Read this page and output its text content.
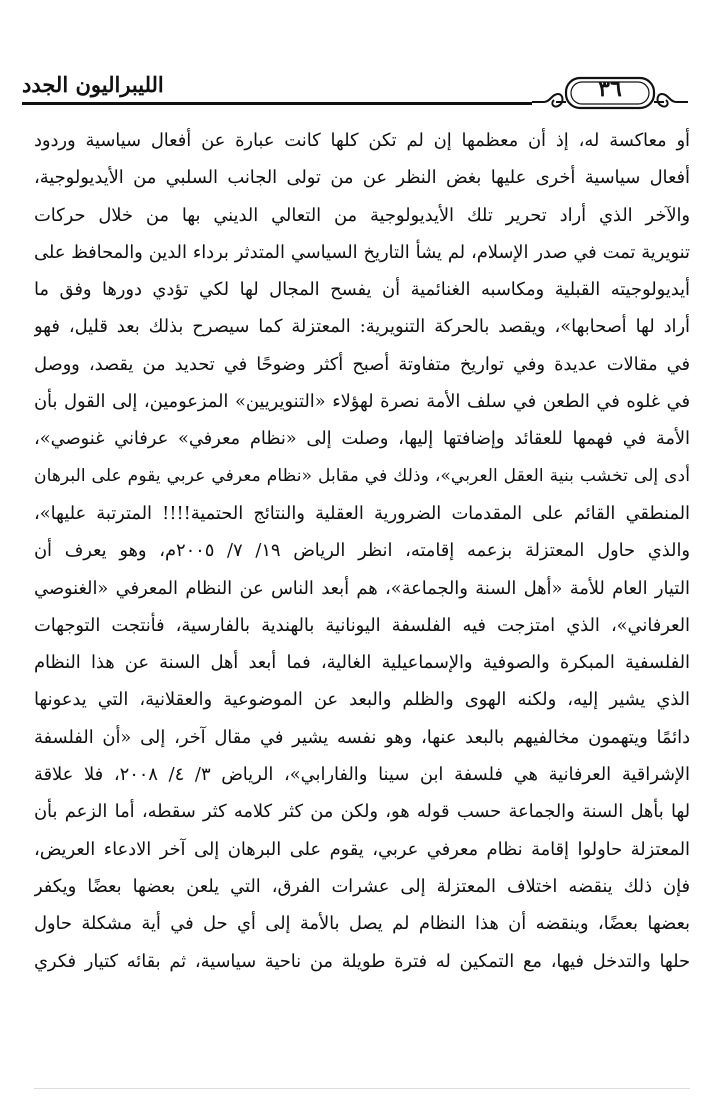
الليبراليون الجدد	٣٦
أو معاكسة له، إذ أن معظمها إن لم تكن كلها كانت عبارة عن أفعال سياسية وردود
أفعال سياسية أخرى عليها بغض النظر عن من تولى الجانب السلبي من الأيديولوجية،
والآخر الذي أراد تحرير تلك الأيديولوجية من التعالي الديني بها من خلال حركات
تنويرية تمت في صدر الإسلام، لم يشأ التاريخ السياسي المتدثر برداء الدين والمحافظ على
أيديولوجيته القبلية ومكاسبه الغنائمية أن يفسح المجال لها لكي تؤدي دورها وفق ما
أراد لها أصحابها»، ويقصد بالحركة التنويرية: المعتزلة كما سيصرح بذلك بعد قليل، فهو
في مقالات عديدة وفي تواريخ متفاوتة أصبح أكثر وضوحًا في تحديد من يقصد، ووصل
في غلوه في الطعن في سلف الأمة نصرة لهؤلاء «التنويريين» المزعومين، إلى القول بأن
الأمة في فهمها للعقائد وإضافتها إليها، وصلت إلى «نظام معرفي» عرفاني غنوصي»،
أدى إلى تخشب بنية العقل العربي»، وذلك في مقابل «نظام معرفي عربي يقوم على البرهان
المنطقي القائم على المقدمات الضرورية العقلية والنتائج الحتمية!!!! المترتبة عليها»،
والذي حاول المعتزلة بزعمه إقامته، انظر الرياض ١٩/ ٧/ ٢٠٠٥م، وهو يعرف أن
التيار العام للأمة «أهل السنة والجماعة»، هم أبعد الناس عن النظام المعرفي «الغنوصي
العرفاني»، الذي امتزجت فيه الفلسفة اليونانية بالهندية بالفارسية، فأنتجت التوجهات
الفلسفية المبكرة والصوفية والإسماعيلية الغالية، فما أبعد أهل السنة عن هذا النظام
الذي يشير إليه، ولكنه الهوى والظلم والبعد عن الموضوعية والعقلانية، التي يدعونها
دائمًا ويتهمون مخالفيهم بالبعد عنها، وهو نفسه يشير في مقال آخر، إلى «أن الفلسفة
الإشراقية العرفانية هي فلسفة ابن سينا والفارابي»، الرياض ٣/ ٤/ ٢٠٠٨، فلا علاقة
لها بأهل السنة والجماعة حسب قوله هو، ولكن من كثر كلامه كثر سقطه، أما الزعم بأن
المعتزلة حاولوا إقامة نظام معرفي عربي، يقوم على البرهان إلى آخر الادعاء العريض،
فإن ذلك ينقضه اختلاف المعتزلة إلى عشرات الفرق، التي يلعن بعضها بعضًا ويكفر
بعضها بعضًا، وينقضه أن هذا النظام لم يصل بالأمة إلى أي حل في أية مشكلة حاول
حلها والتدخل فيها، مع التمكين له فترة طويلة من ناحية سياسية، ثم بقائه كتيار فكري
